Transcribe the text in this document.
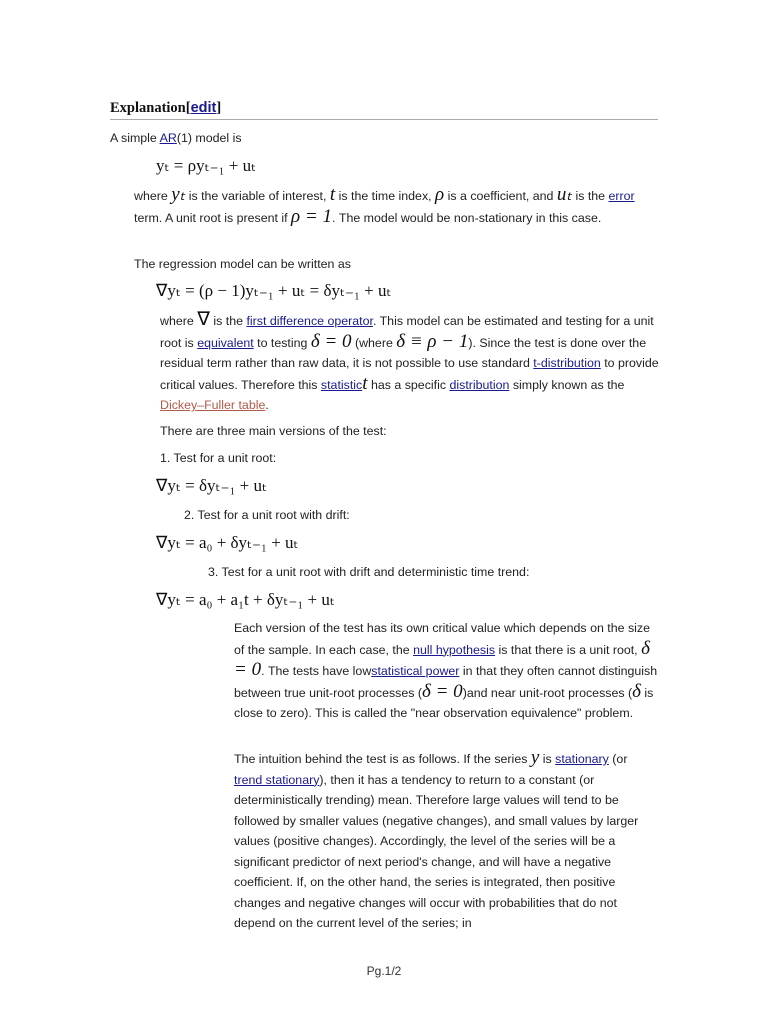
Explanation[edit]
A simple AR(1) model is
yₜ = ρyₜ₋₁ + uₜ
where yₜ is the variable of interest, t is the time index, ρ is a coefficient, and uₜ is the error term. A unit root is present if ρ = 1. The model would be non-stationary in this case.
The regression model can be written as
∇yₜ = (ρ − 1)yₜ₋₁ + uₜ = δyₜ₋₁ + uₜ
where ∇ is the first difference operator. This model can be estimated and testing for a unit root is equivalent to testing δ = 0 (where δ ≡ ρ − 1). Since the test is done over the residual term rather than raw data, it is not possible to use standard t-distribution to provide critical values. Therefore this statistict has a specific distribution simply known as the Dickey–Fuller table.
There are three main versions of the test:
1. Test for a unit root:
∇yₜ = δyₜ₋₁ + uₜ
2. Test for a unit root with drift:
∇yₜ = a₀ + δyₜ₋₁ + uₜ
3. Test for a unit root with drift and deterministic time trend:
∇yₜ = a₀ + a₁t + δyₜ₋₁ + uₜ
Each version of the test has its own critical value which depends on the size of the sample. In each case, the null hypothesis is that there is a unit root, δ = 0. The tests have lowstatistical power in that they often cannot distinguish between true unit-root processes (δ = 0)and near unit-root processes (δ is close to zero). This is called the "near observation equivalence" problem.
The intuition behind the test is as follows. If the series y is stationary (or trend stationary), then it has a tendency to return to a constant (or deterministically trending) mean. Therefore large values will tend to be followed by smaller values (negative changes), and small values by larger values (positive changes). Accordingly, the level of the series will be a significant predictor of next period's change, and will have a negative coefficient. If, on the other hand, the series is integrated, then positive changes and negative changes will occur with probabilities that do not depend on the current level of the series; in
Pg.1/2
